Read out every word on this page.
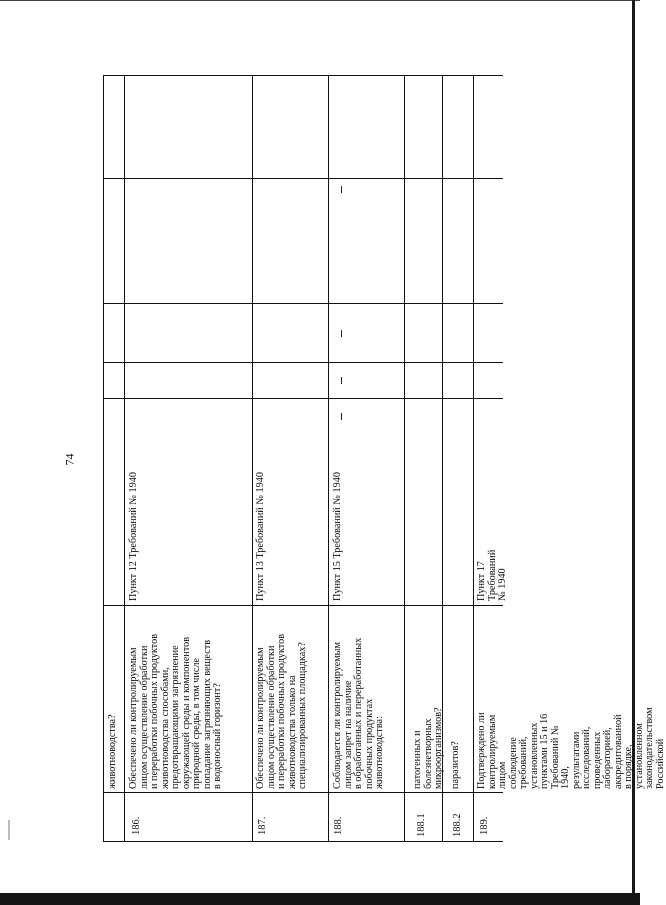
74
животноводства?
186.
Обеспечено ли контролируемым
лицом осуществление обработки
и переработки побочных продуктов
животноводства способами,
предотвращающими загрязнение
окружающей среды и компонентов
природной среды, в том числе
попадание загрязняющих веществ
в водоносный горизонт?
Пункт 12 Требований № 1940
187.
Обеспечено ли контролируемым
лицом осуществление обработки
и переработки побочных продуктов
животноводства только на
специализированных площадках?
Пункт 13 Требований № 1940
188.
Соблюдается ли контролируемым
лицом запрет на наличие
в обработанных и переработанных
побочных продуктах
животноводства:
Пункт 15 Требований № 1940
188.1
патогенных и болезнетворных
микроорганизмов?
188.2
паразитов?
189.
Подтверждено ли контролируемым
лицом соблюдение требований,
установленных пунктами 15 и 16
Требований № 1940, результатами
исследований, проведенных
лабораторией, аккредитованной
в порядке, установленном
законодательством Российской
Пункт 17 Требований № 1940
